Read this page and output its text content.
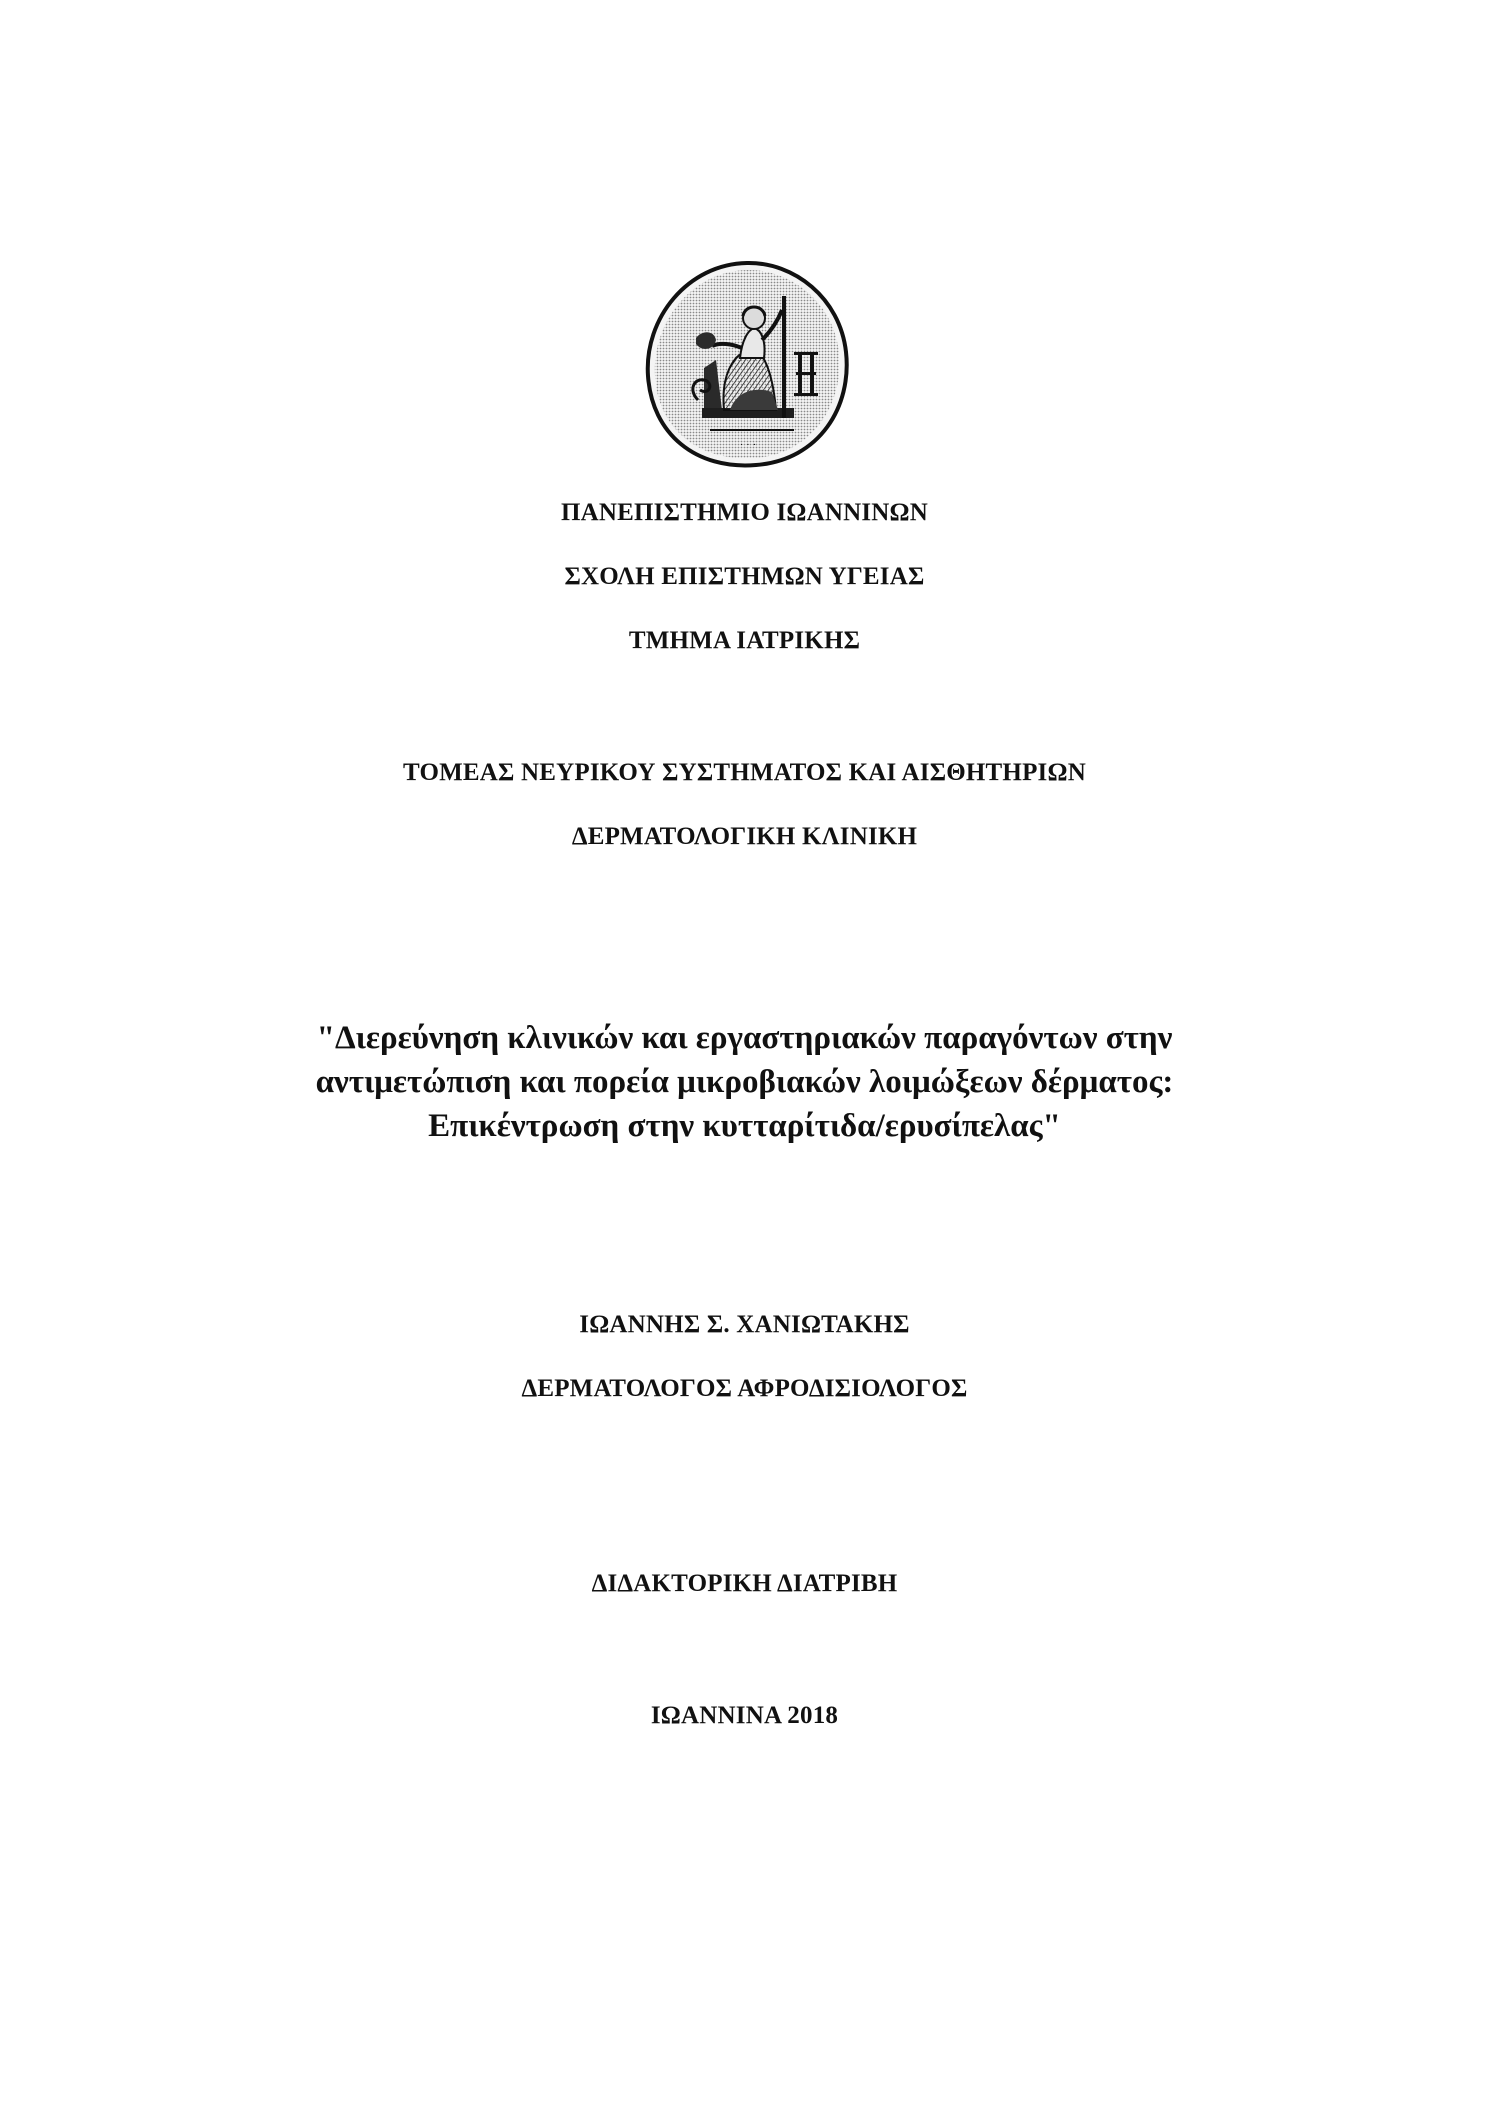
· · ·
ΠΑΝΕΠΙΣΤΗΜΙΟ ΙΩΑΝΝΙΝΩΝ
ΣΧΟΛΗ ΕΠΙΣΤΗΜΩΝ ΥΓΕΙΑΣ
ΤΜΗΜΑ ΙΑΤΡΙΚΗΣ
ΤΟΜΕΑΣ ΝΕΥΡΙΚΟΥ ΣΥΣΤΗΜΑΤΟΣ ΚΑΙ ΑΙΣΘΗΤΗΡΙΩΝ
ΔΕΡΜΑΤΟΛΟΓΙΚΗ ΚΛΙΝΙΚΗ
"Διερεύνηση κλινικών και εργαστηριακών παραγόντων στην
αντιμετώπιση και πορεία μικροβιακών λοιμώξεων δέρματος:
Επικέντρωση στην κυτταρίτιδα/ερυσίπελας"
ΙΩΑΝΝΗΣ Σ. ΧΑΝΙΩΤΑΚΗΣ
ΔΕΡΜΑΤΟΛΟΓΟΣ ΑΦΡΟΔΙΣΙΟΛΟΓΟΣ
ΔΙΔΑΚΤΟΡΙΚΗ ΔΙΑΤΡΙΒΗ
ΙΩΑΝΝΙΝΑ 2018
